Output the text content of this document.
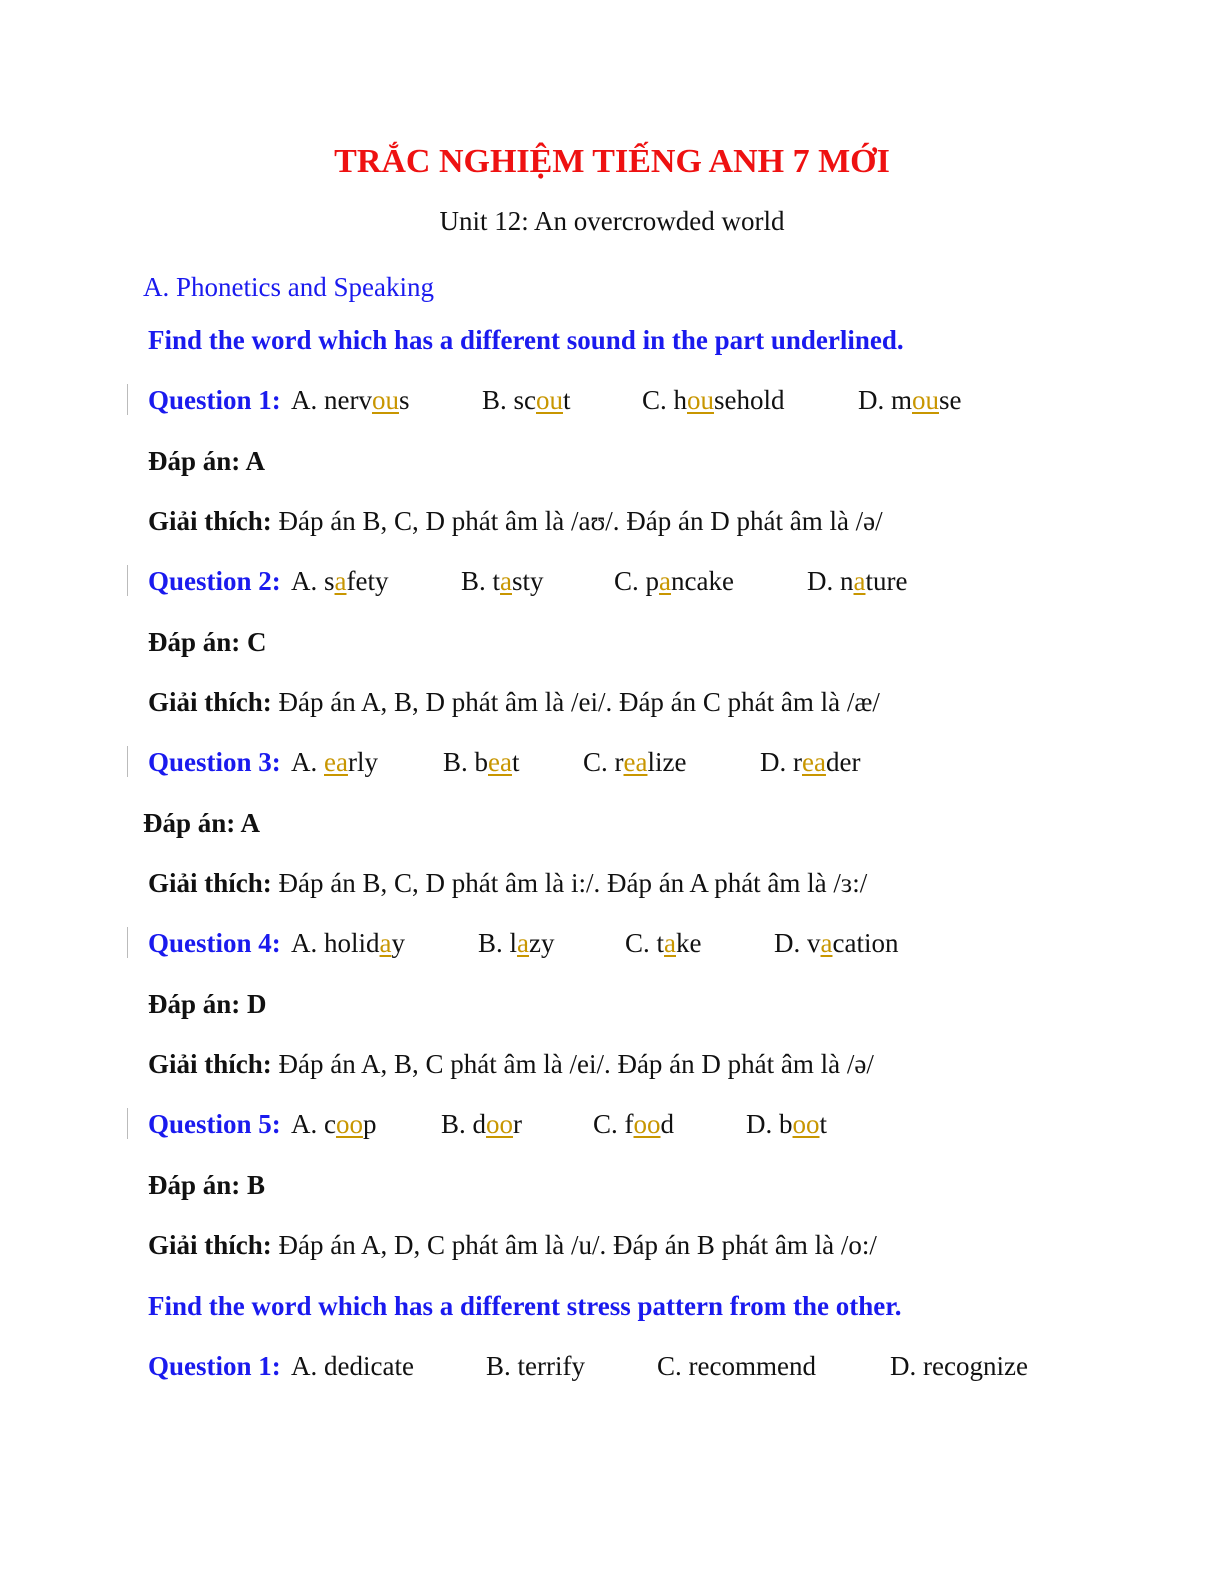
TRẮC NGHIỆM TIẾNG ANH 7 MỚI
Unit 12: An overcrowded world
A. Phonetics and Speaking
Find the word which has a different sound in the part underlined.
Question 1: A. nervous	B. scout	C. household	D. mouse
Đáp án: A
Giải thích: Đáp án B, C, D phát âm là /aʊ/. Đáp án D phát âm là /ə/
Question 2: A. safety	B. tasty	C. pancake	D. nature
Đáp án: C
Giải thích: Đáp án A, B, D phát âm là /ei/. Đáp án C phát âm là /æ/
Question 3: A. early B. beat C. realize	D. reader
Đáp án: A
Giải thích: Đáp án B, C, D phát âm là i:/. Đáp án A phát âm là /ɜ:/
Question 4: A. holiday	B. lazy	C. take	D. vacation
Đáp án: D
Giải thích: Đáp án A, B, C phát âm là /ei/. Đáp án D phát âm là /ə/
Question 5: A. coop B. door	C. food	D. boot
Đáp án: B
Giải thích: Đáp án A, D, C phát âm là /u/. Đáp án B phát âm là /o:/
Find the word which has a different stress pattern from the other.
Question 1: A. dedicate	B. terrify	C. recommend	D. recognize
